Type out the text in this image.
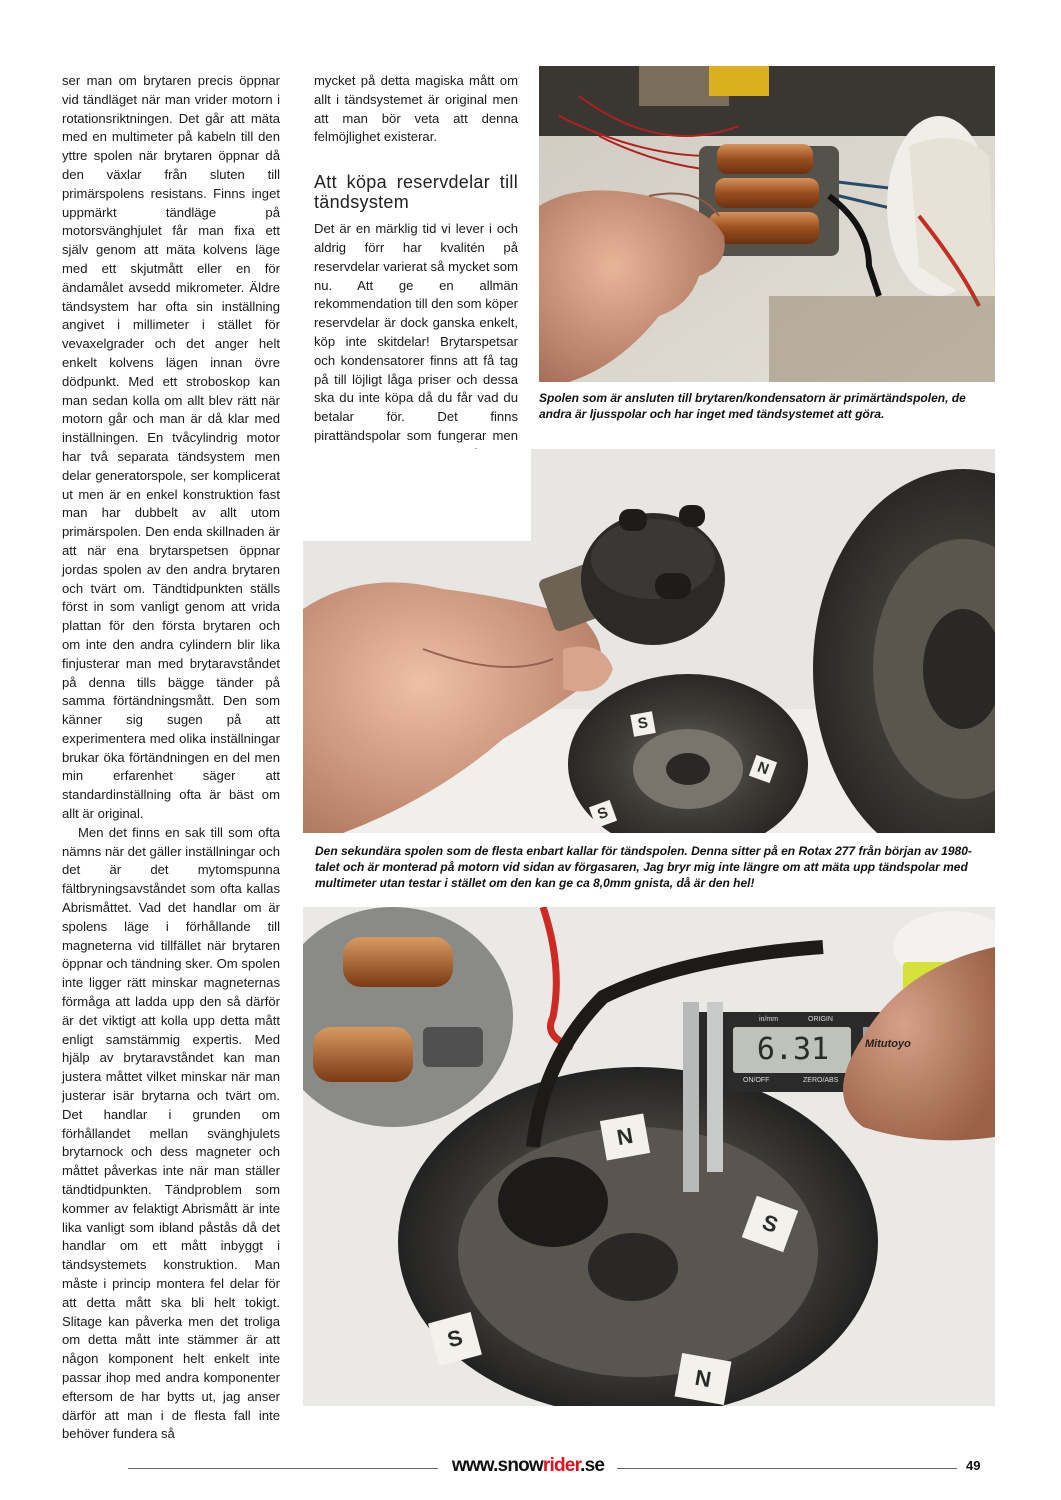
ser man om brytaren precis öppnar vid tändläget när man vrider motorn i rotationsriktningen. Det går att mäta med en multimeter på kabeln till den yttre spolen när brytaren öppnar då den växlar från sluten till primärspolens resistans. Finns inget uppmärkt tändläge på motorsvänghjulet får man fixa ett själv genom att mäta kolvens läge med ett skjutmått eller en för ändamålet avsedd mikrometer. Äldre tändsystem har ofta sin inställning angivet i millimeter i stället för vevaxelgrader och det anger helt enkelt kolvens lägen innan övre dödpunkt. Med ett stroboskop kan man sedan kolla om allt blev rätt när motorn går och man är då klar med inställningen. En tvåcylindrig motor har två separata tändsystem men delar generatorspole, ser komplicerat ut men är en enkel konstruktion fast man har dubbelt av allt utom primärspolen. Den enda skillnaden är att när ena brytarspetsen öppnar jordas spolen av den andra brytaren och tvärt om. Tändtidpunkten ställs först in som vanligt genom att vrida plattan för den första brytaren och om inte den andra cylindern blir lika finjusterar man med brytaravståndet på denna tills bägge tänder på samma förtändningsmått. Den som känner sig sugen på att experimentera med olika inställningar brukar öka förtändningen en del men min erfarenhet säger att standardinställning ofta är bäst om allt är original.

Men det finns en sak till som ofta nämns när det gäller inställningar och det är det mytomspunna fältbryningsavståndet som ofta kallas Abrismåttet. Vad det handlar om är spolens läge i förhållande till magneterna vid tillfället när brytaren öppnar och tändning sker. Om spolen inte ligger rätt minskar magneternas förmåga att ladda upp den så därför är det viktigt att kolla upp detta mått enligt samstämmig expertis. Med hjälp av brytaravståndet kan man justera måttet vilket minskar när man justerar isär brytarna och tvärt om. Det handlar i grunden om förhållandet mellan svänghjulets brytarnock och dess magneter och måttet påverkas inte när man ställer tändtidpunkten. Tändproblem som kommer av felaktigt Abrismått är inte lika vanligt som ibland påstås då det handlar om ett mått inbyggt i tändsystemets konstruktion. Man måste i princip montera fel delar för att detta mått ska bli helt tokigt. Slitage kan påverka men det troliga om detta mått inte stämmer är att någon komponent helt enkelt inte passar ihop med andra komponenter eftersom de har bytts ut, jag anser därför att man i de flesta fall inte behöver fundera så

mycket på detta magiska mått om allt i tändsystemet är original men att man bör veta att denna felmöjlighet existerar.

Att köpa reservdelar till tändsystem

Det är en märklig tid vi lever i och aldrig förr har kvalitén på reservdelar varierat så mycket som nu. Att ge en allmän rekommendation till den som köper reservdelar är dock ganska enkelt, köp inte skitdelar! Brytarspetsar och kondensatorer finns att få tag på till löjligt låga priser och dessa ska du inte köpa då du får vad du betalar för. Det finns pirattändspolar som fungerar men

Spolen som är ansluten till brytaren/kondensatorn är primärtändspolen, de andra är ljusspolar och har inget med tändsystemet att göra.
S
N
S
Den sekundära spolen som de flesta enbart kallar för tändspolen. Denna sitter på en Rotax 277 från början av 1980-talet och är monterad på motorn vid sidan av förgasaren, Jag bryr mig inte längre om att mäta upp tändspolar med multimeter utan testar i stället om den kan ge ca 8,0mm gnista, då är den hel!
6.31
in/mm	ORIGIN
ON/OFF	ZERO/ABS
Mitutoyo
N
S
S
N
www.snowrider.se	49
